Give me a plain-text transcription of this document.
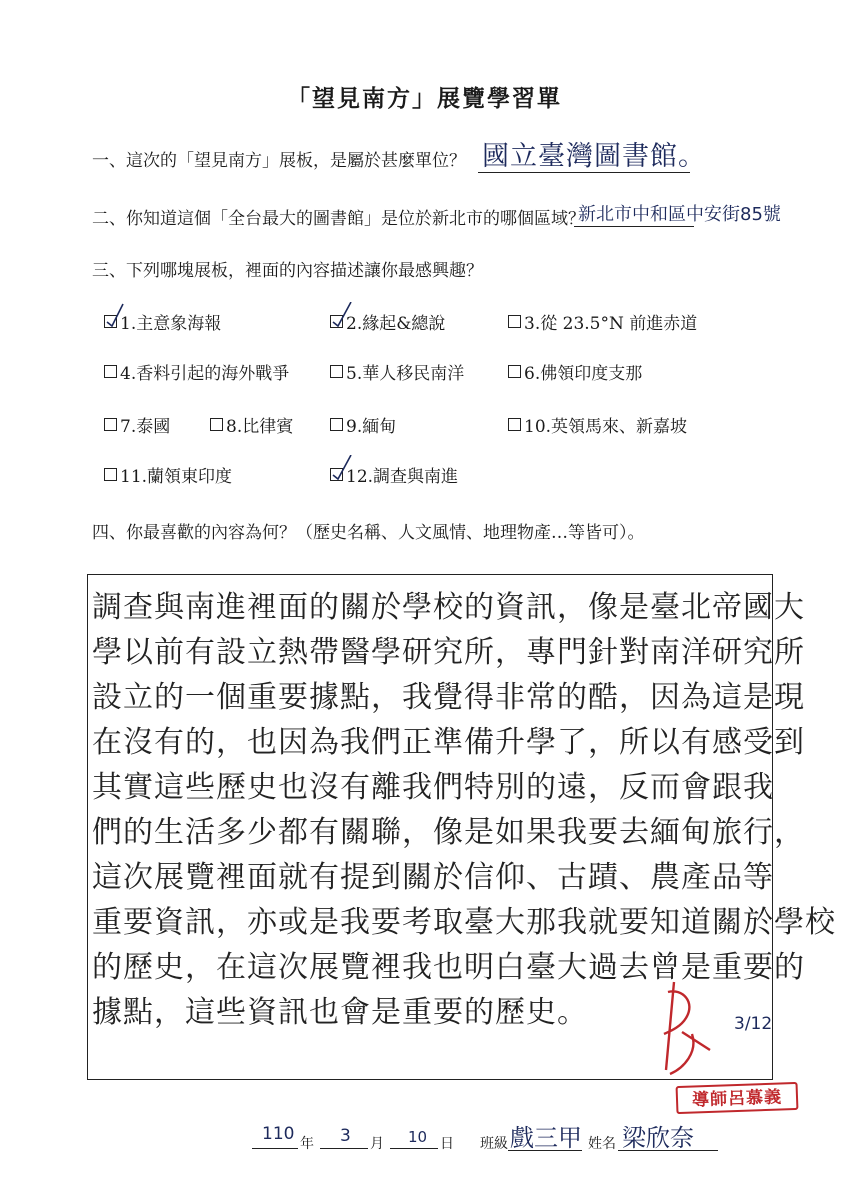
「望見南方」展覽學習單
一、這次的「望見南方」展板，是屬於甚麼單位？ 國立臺灣圖書館。
二、你知道這個「全台最大的圖書館」是位於新北市的哪個區域？
新北市中和區中安街85號
三、下列哪塊展板，裡面的內容描述讓你最感興趣？
1.主意象海報	2.緣起&總說	3.從 23.5°N 前進赤道
4.香料引起的海外戰爭	5.華人移民南洋	6.佛領印度支那
7.泰國	8.比律賓	9.緬甸	10.英領馬來、新嘉坡
11.蘭領東印度	12.調查與南進
四、你最喜歡的內容為何？（歷史名稱、人文風情、地理物產…等皆可）。
調查與南進裡面的關於學校的資訊，像是臺北帝國大
學以前有設立熱帶醫學研究所，專門針對南洋研究所
設立的一個重要據點，我覺得非常的酷，因為這是現
在沒有的，也因為我們正準備升學了，所以有感受到
其實這些歷史也沒有離我們特別的遠，反而會跟我
們的生活多少都有關聯，像是如果我要去緬甸旅行，
這次展覽裡面就有提到關於信仰、古蹟、農產品等
重要資訊，亦或是我要考取臺大那我就要知道關於學校
的歷史，在這次展覽裡我也明白臺大過去曾是重要的
據點，這些資訊也會是重要的歷史。	3/12
導師呂慕義
110 年 3 月 10 日 班級 戲三甲 姓名 梁欣奈
